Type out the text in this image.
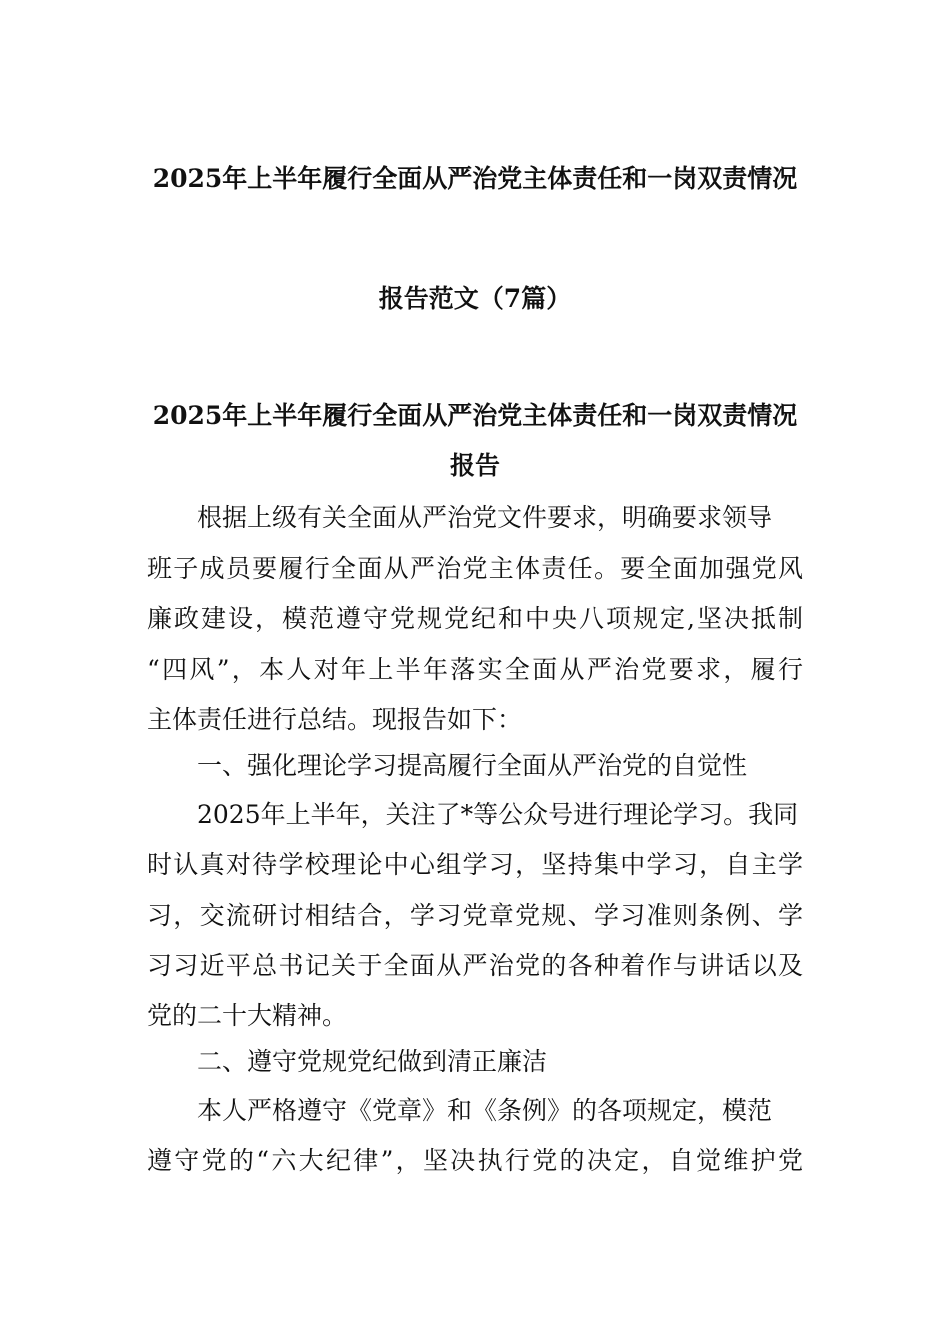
2025年上半年履行全面从严治党主体责任和一岗双责情况
报告范文（7篇）
2025年上半年履行全面从严治党主体责任和一岗双责情况
报告
根据上级有关全面从严治党文件要求，明确要求领导
班子成员要履行全面从严治党主体责任。要全面加强党风
廉政建设，模范遵守党规党纪和中央八项规定,坚决抵制
“四风”，本人对年上半年落实全面从严治党要求，履行
主体责任进行总结。现报告如下：
一、强化理论学习提高履行全面从严治党的自觉性
2025年上半年，关注了*等公众号进行理论学习。我同
时认真对待学校理论中心组学习，坚持集中学习，自主学
习，交流研讨相结合，学习党章党规、学习准则条例、学
习习近平总书记关于全面从严治党的各种着作与讲话以及
党的二十大精神。
二、遵守党规党纪做到清正廉洁
本人严格遵守《党章》和《条例》的各项规定，模范
遵守党的“六大纪律”，坚决执行党的决定，自觉维护党
